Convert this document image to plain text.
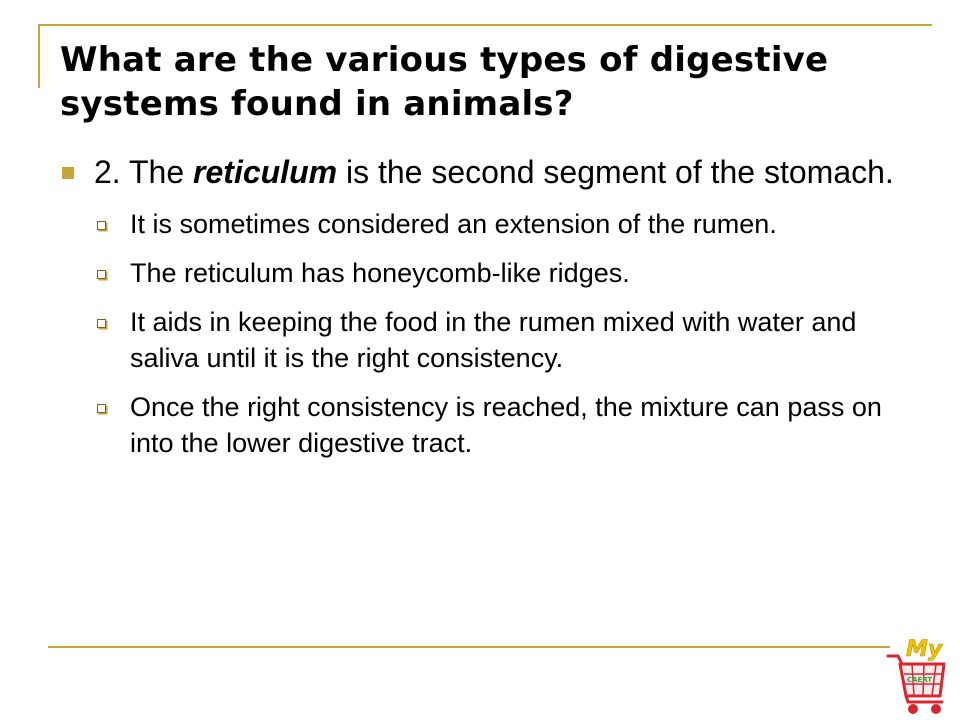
What are the various types of digestive systems found in animals?

2. The reticulum is the second segment of the stomach.

It is sometimes considered an extension of the rumen.

The reticulum has honeycomb-like ridges.

It aids in keeping the food in the rumen mixed with water and saliva until it is the right consistency.

Once the right consistency is reached, the mixture can pass on into the lower digestive tract.

My
CAERT
